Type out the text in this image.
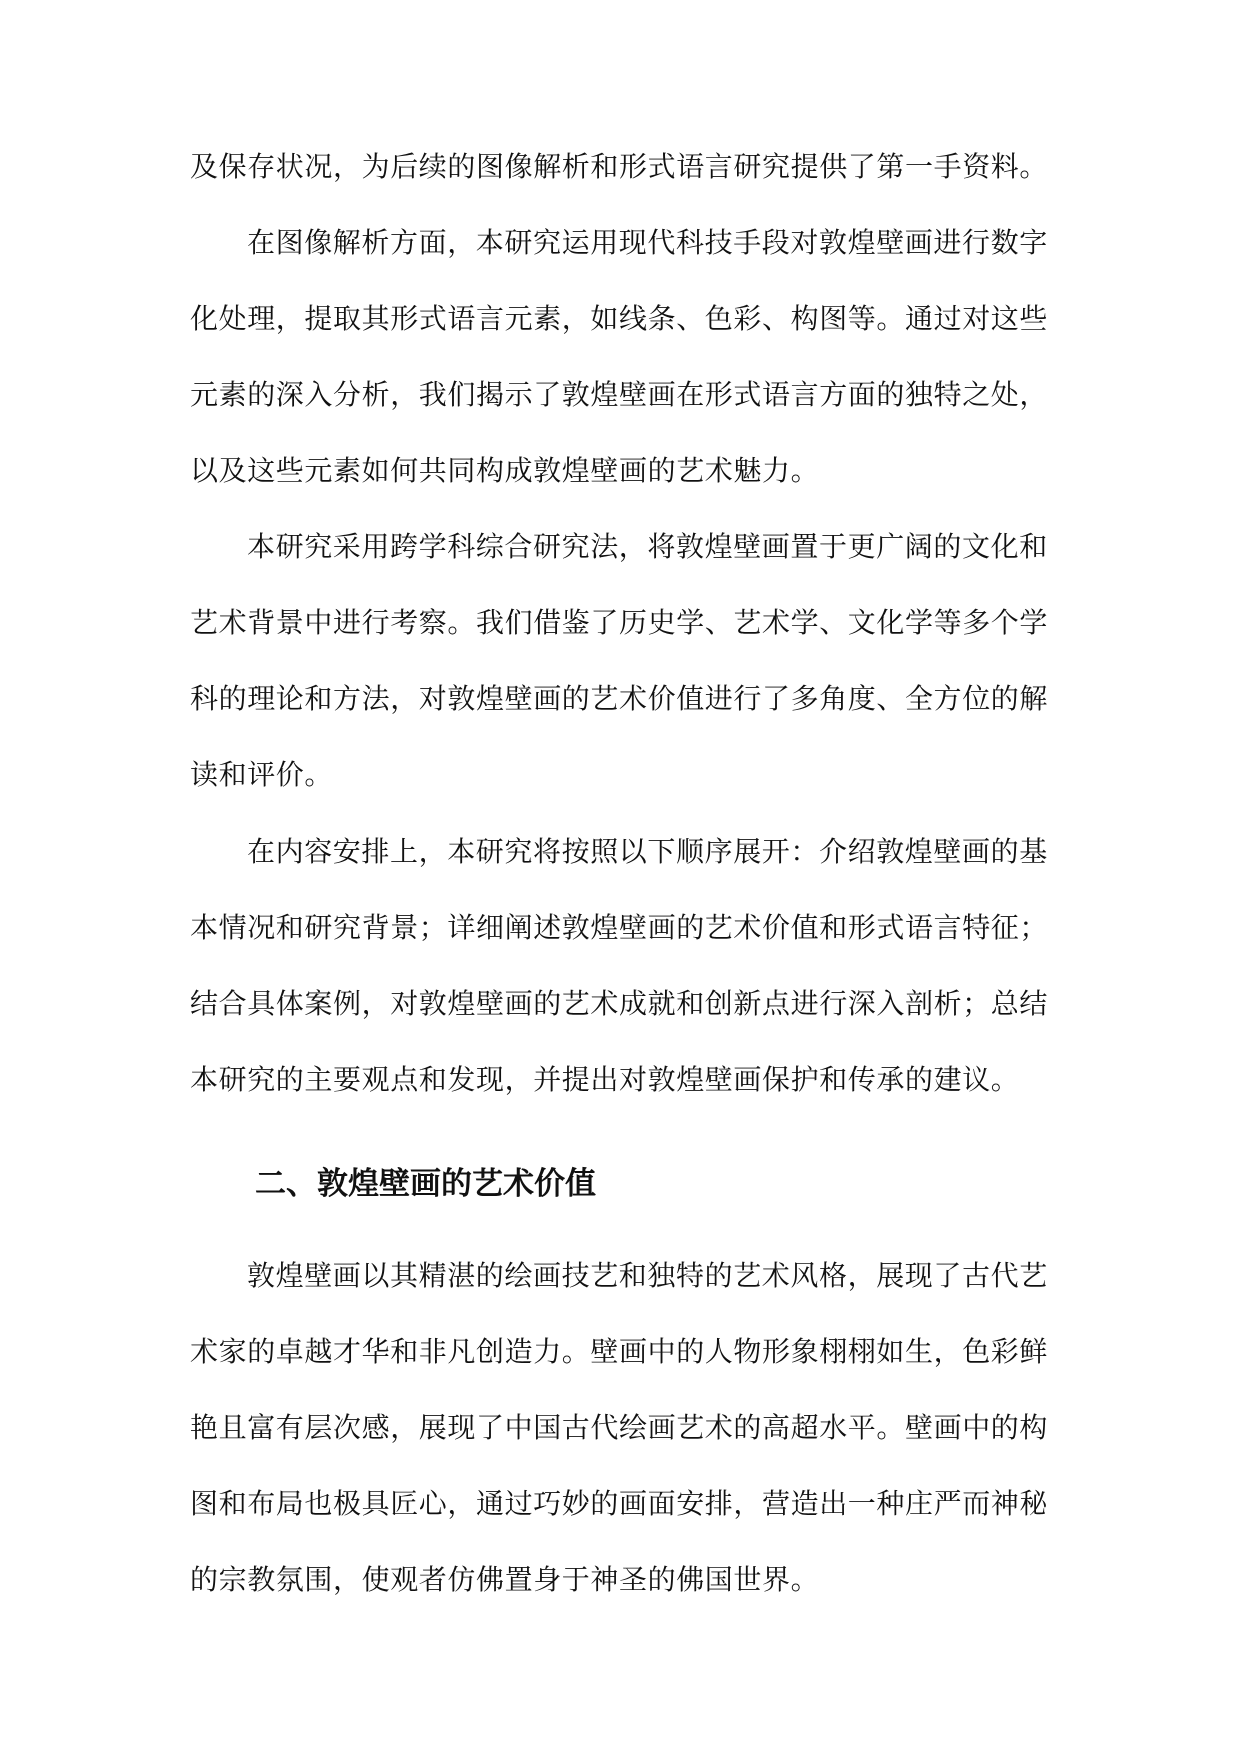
及保存状况，为后续的图像解析和形式语言研究提供了第一手资料。
在图像解析方面，本研究运用现代科技手段对敦煌壁画进行数字
化处理，提取其形式语言元素，如线条、色彩、构图等。通过对这些
元素的深入分析，我们揭示了敦煌壁画在形式语言方面的独特之处，
以及这些元素如何共同构成敦煌壁画的艺术魅力。
本研究采用跨学科综合研究法，将敦煌壁画置于更广阔的文化和
艺术背景中进行考察。我们借鉴了历史学、艺术学、文化学等多个学
科的理论和方法，对敦煌壁画的艺术价值进行了多角度、全方位的解
读和评价。
在内容安排上，本研究将按照以下顺序展开：介绍敦煌壁画的基
本情况和研究背景；详细阐述敦煌壁画的艺术价值和形式语言特征；
结合具体案例，对敦煌壁画的艺术成就和创新点进行深入剖析；总结
本研究的主要观点和发现，并提出对敦煌壁画保护和传承的建议。
二、敦煌壁画的艺术价值
敦煌壁画以其精湛的绘画技艺和独特的艺术风格，展现了古代艺
术家的卓越才华和非凡创造力。壁画中的人物形象栩栩如生，色彩鲜
艳且富有层次感，展现了中国古代绘画艺术的高超水平。壁画中的构
图和布局也极具匠心，通过巧妙的画面安排，营造出一种庄严而神秘
的宗教氛围，使观者仿佛置身于神圣的佛国世界。
